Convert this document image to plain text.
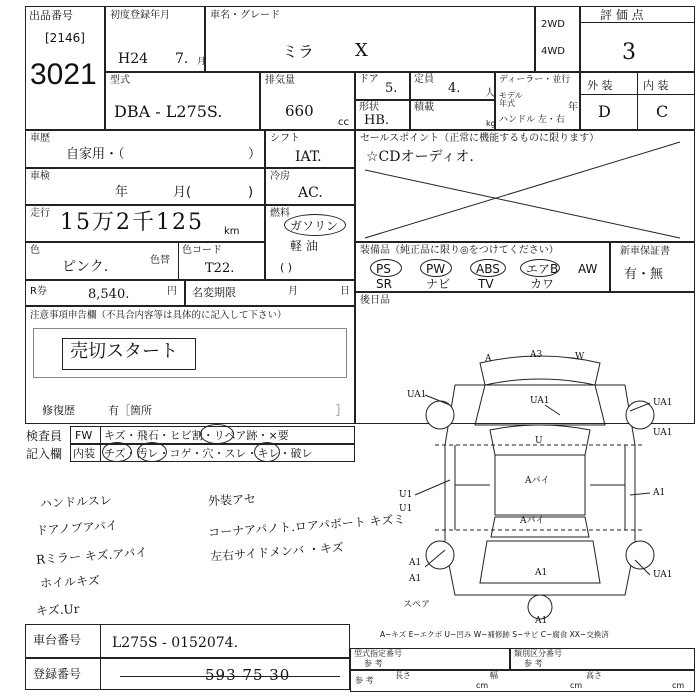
出品番号
[2146]
3021
初度登録年月
H24 7. 月
車名・グレード
ミラ X
2WD
4WD
評 価 点
3
型式
DBA - L275S.
排気量
660
cc
ドア
5.
定員
4. 人
ディーラー・並行
モデル
年式	年
形状
HB.
積載
kg ハンドル 左・右
外 装	内 装
D	C
車歴
自家用・（	）
シフト
IAT.
車検
年	月(	)
冷房
AC.
走行 15万2千125 km
燃料
ガソリン
軽 油
( )
色
ピンク.	色替
色コード
T22.
R券	8,540.	円 名変期限	月	日
注意事項申告欄（不具合内容等は具体的に記入して下さい）
売切スタート
修復歴	有［箇所	］
セールスポイント（正常に機能するものに限ります）
☆CDオーディオ.
装備品（純正品に限り◎をつけてください）
PS	PW	ABS エアB AW
SR	ナビ TV	カワ
新車保証書
有・無
後日品
検査員
記入欄
FW
内装
キズ・飛石・ヒビ割・リペア跡・×要
チズ・汚レ・コゲ・穴・スレ・キレ・破レ
ハンドルスレ
ドアノブアパイ
Rミラー キズ.アパイ
ホイルキズ
キズ.Ur
外装アセ
コーナアパノト.ロアパボート キズミ
左右サイドメンバ ・キズ
A	A3	W
UA1
UA1
U
Aパイ
UA1
Aパイ
UA1
U1	A1
U1
A1
A1	UA1
A1
スペア
A1
A−キズ E−エクボ U−凹み W−補修跡 S−サビ C−腐食 XX−交換済
車台番号 L275S - 0152074.
登録番号	593 75 30
型式指定番号
参 考
類別区分番号
参 考
参 考
長さ
cm
幅
cm
高さ
cm
